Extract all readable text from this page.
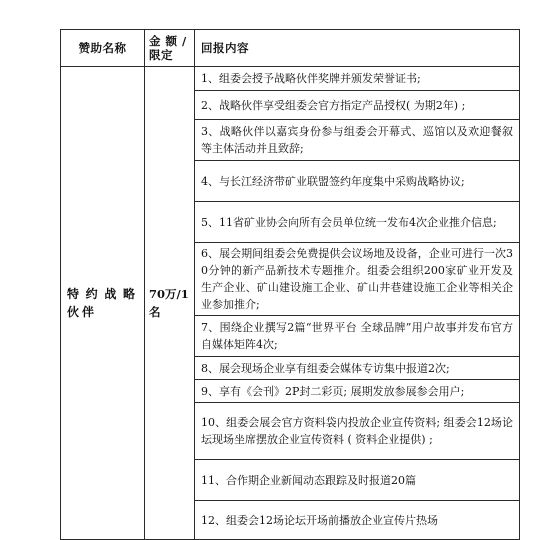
赞助名称	金 额 / 限定	回报内容
特约战略伙伴	70万/1名	1、组委会授予战略伙伴奖牌并颁发荣誉证书;
		2、战略伙伴享受组委会官方指定产品授权( 为期2年) ;
		3、战略伙伴以嘉宾身份参与组委会开幕式、巡馆以及欢迎餐叙等主体活动并且致辞;
		4、与长江经济带矿业联盟签约年度集中采购战略协议;
		5、11省矿业协会向所有会员单位统一发布4次企业推介信息;
		6、展会期间组委会免费提供会议场地及设备，企业可进行一次30分钟的新产品新技术专题推介。组委会组织200家矿业开发及生产企业、矿山建设施工企业、矿山井巷建设施工企业等相关企业参加推介;
		7、围绕企业撰写2篇“世界平台 全球品牌”用户故事并发布官方自媒体矩阵4次;
		8、展会现场企业享有组委会媒体专访集中报道2次;
		9、享有《会刊》2P封二彩页; 展期发放参展参会用户;
		10、组委会展会官方资料袋内投放企业宣传资料; 组委会12场论坛现场坐席摆放企业宣传资料 ( 资料企业提供) ;
		11、合作期企业新闻动态跟踪及时报道20篇
		12、组委会12场论坛开场前播放企业宣传片热场
